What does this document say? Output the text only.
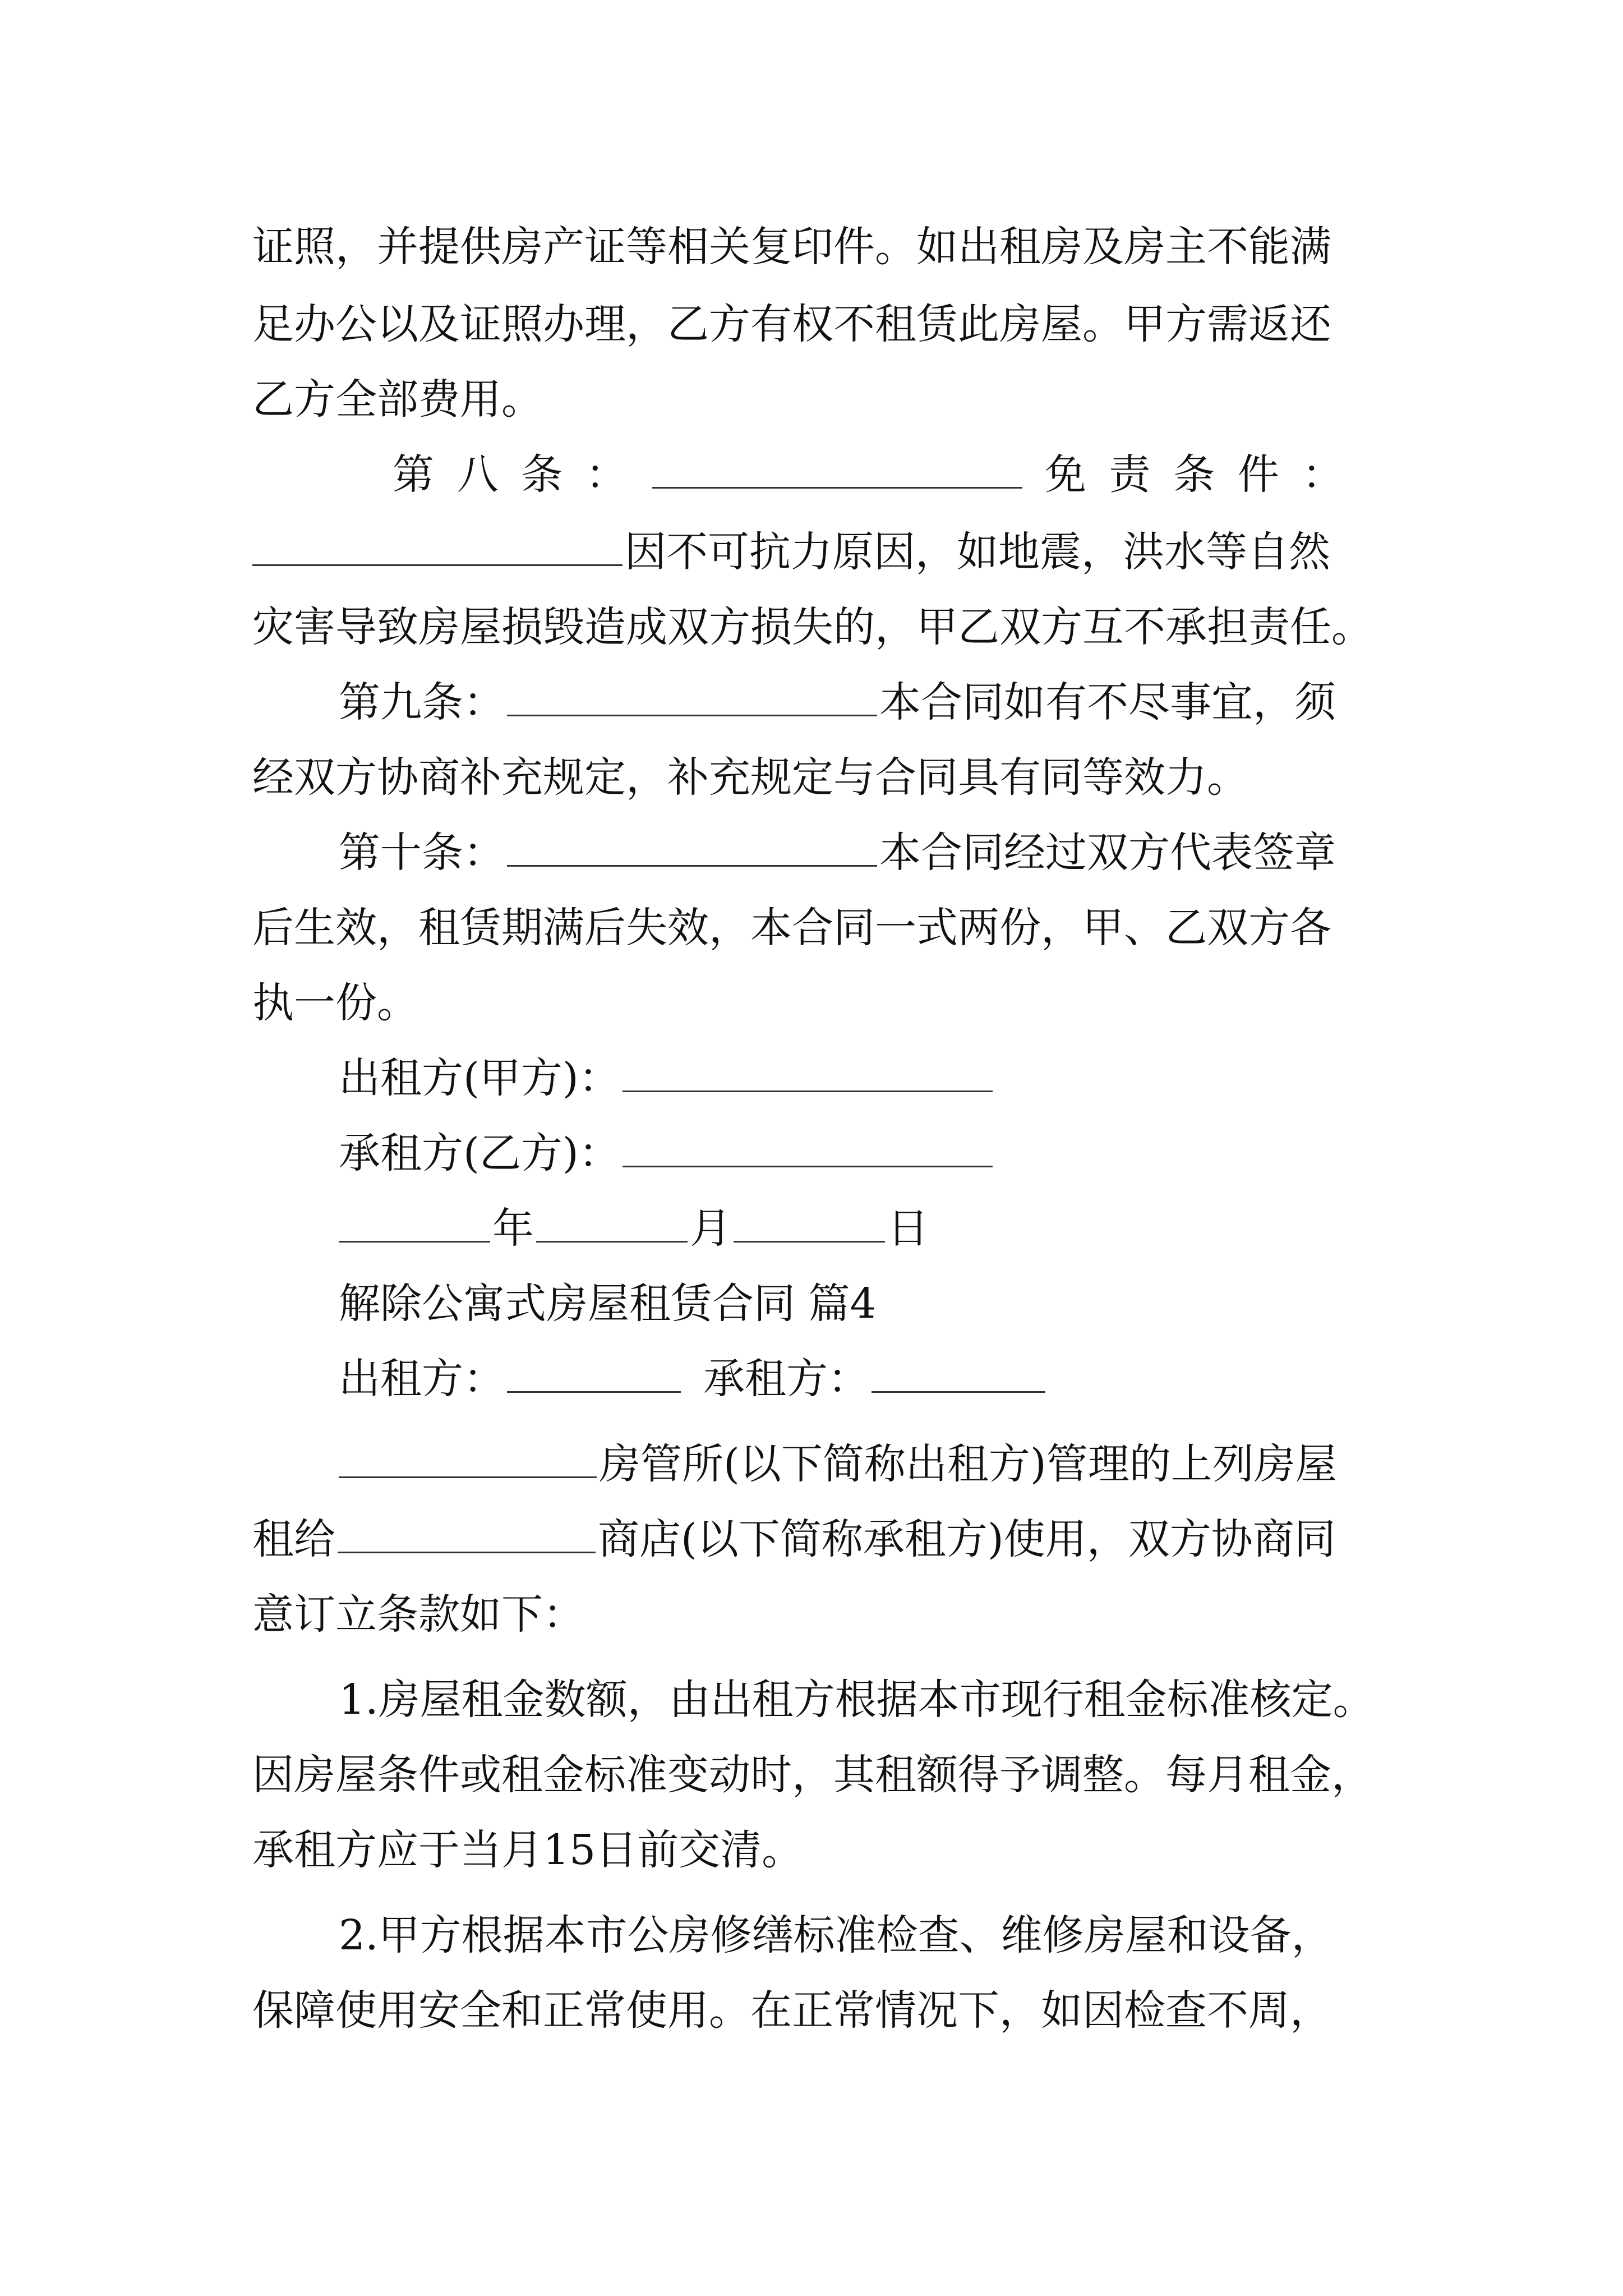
证照，并提供房产证等相关复印件。如出租房及房主不能满
足办公以及证照办理，乙方有权不租赁此房屋。甲方需返还
乙方全部费用。
第八条：	免责条件：
因不可抗力原因，如地震，洪水等自然
灾害导致房屋损毁造成双方损失的，甲乙双方互不承担责任。
第九条：	本合同如有不尽事宜，须
经双方协商补充规定，补充规定与合同具有同等效力。
第十条：	本合同经过双方代表签章
后生效，租赁期满后失效，本合同一式两份，甲、乙双方各
执一份。
出租方(甲方)：
承租方(乙方)：
年	月	日
解除公寓式房屋租赁合同 篇4
出租方：	承租方：
房管所(以下简称出租方)管理的上列房屋
租给	商店(以下简称承租方)使用，双方协商同
意订立条款如下：
1.房屋租金数额，由出租方根据本市现行租金标准核定。
因房屋条件或租金标准变动时，其租额得予调整。每月租金，
承租方应于当月15日前交清。
2.甲方根据本市公房修缮标准检查、维修房屋和设备，
保障使用安全和正常使用。在正常情况下，如因检查不周，
